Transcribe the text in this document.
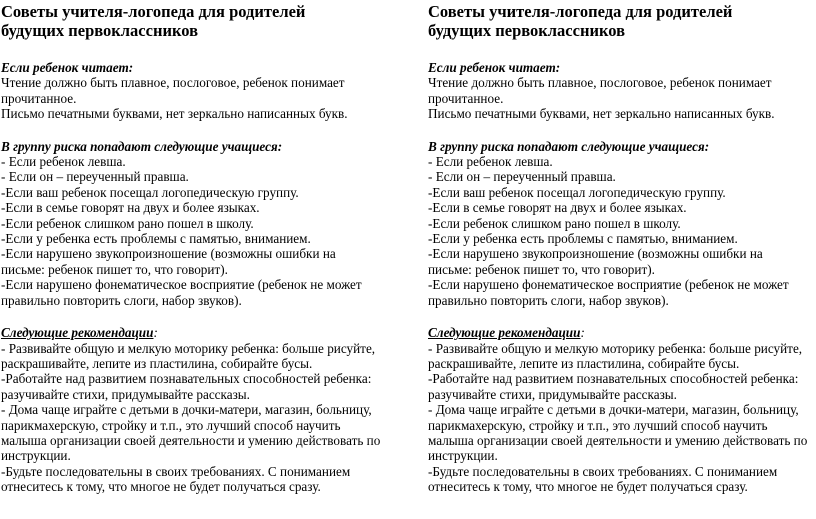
Советы учителя-логопеда для родителей
будущих первоклассников
Если ребенок читает:
Чтение должно быть плавное, послоговое, ребенок понимает
прочитанное.
Письмо печатными буквами, нет зеркально написанных букв.
В группу риска попадают следующие учащиеся:
- Если ребенок левша.
- Если он – переученный правша.
-Если ваш ребенок посещал логопедическую группу.
-Если в семье говорят на двух и более языках.
-Если ребенок слишком рано пошел в школу.
-Если у ребенка есть проблемы с памятью, вниманием.
-Если нарушено звукопроизношение (возможны ошибки на
письме: ребенок пишет то, что говорит).
-Если нарушено фонематическое восприятие (ребенок не может
правильно повторить слоги, набор звуков).
Следующие рекомендации:
- Развивайте общую и мелкую моторику ребенка: больше рисуйте,
раскрашивайте, лепите из пластилина, собирайте бусы.
-Работайте над развитием познавательных способностей ребенка:
разучивайте стихи, придумывайте рассказы.
- Дома чаще играйте с детьми в дочки-матери, магазин, больницу,
парикмахерскую, стройку и т.п., это лучший способ научить
малыша организации своей деятельности и умению действовать по
инструкции.
-Будьте последовательны в своих требованиях. С пониманием
отнеситесь к тому, что многое не будет получаться сразу.
Советы учителя-логопеда для родителей
будущих первоклассников
Если ребенок читает:
Чтение должно быть плавное, послоговое, ребенок понимает
прочитанное.
Письмо печатными буквами, нет зеркально написанных букв.
В группу риска попадают следующие учащиеся:
- Если ребенок левша.
- Если он – переученный правша.
-Если ваш ребенок посещал логопедическую группу.
-Если в семье говорят на двух и более языках.
-Если ребенок слишком рано пошел в школу.
-Если у ребенка есть проблемы с памятью, вниманием.
-Если нарушено звукопроизношение (возможны ошибки на
письме: ребенок пишет то, что говорит).
-Если нарушено фонематическое восприятие (ребенок не может
правильно повторить слоги, набор звуков).
Следующие рекомендации:
- Развивайте общую и мелкую моторику ребенка: больше рисуйте,
раскрашивайте, лепите из пластилина, собирайте бусы.
-Работайте над развитием познавательных способностей ребенка:
разучивайте стихи, придумывайте рассказы.
- Дома чаще играйте с детьми в дочки-матери, магазин, больницу,
парикмахерскую, стройку и т.п., это лучший способ научить
малыша организации своей деятельности и умению действовать по
инструкции.
-Будьте последовательны в своих требованиях. С пониманием
отнеситесь к тому, что многое не будет получаться сразу.
